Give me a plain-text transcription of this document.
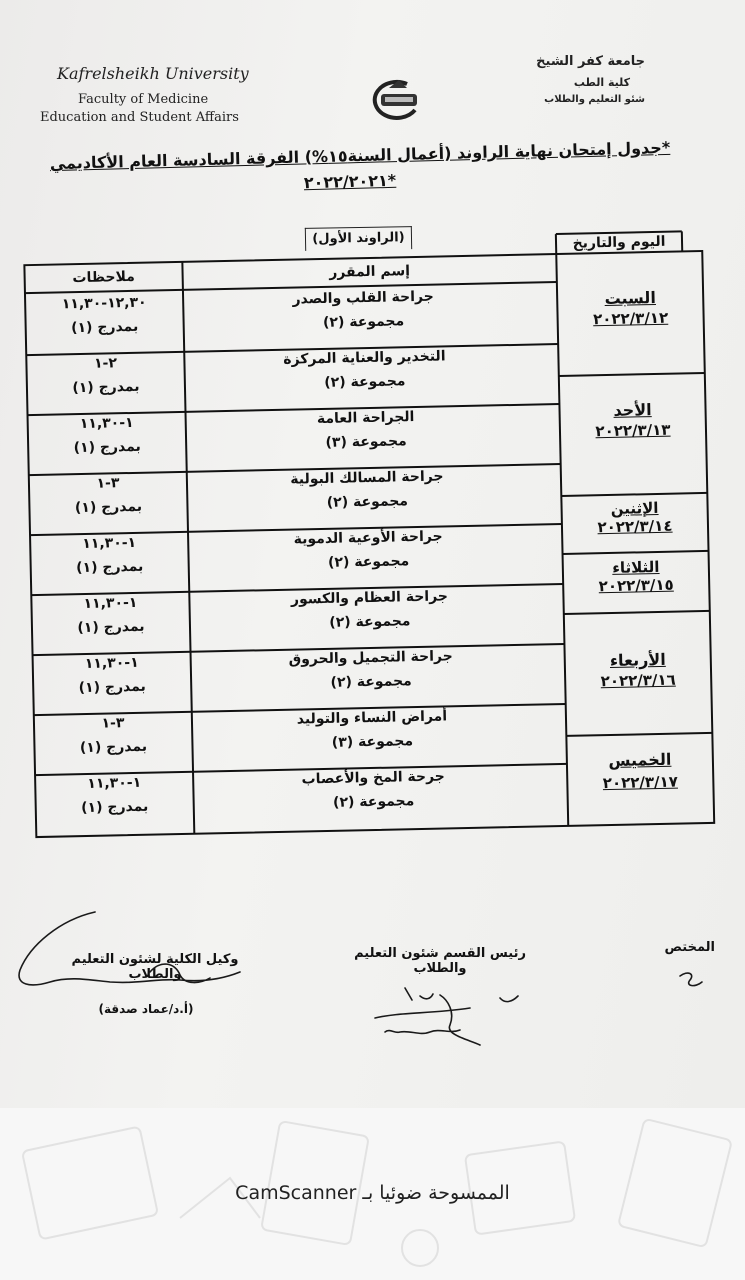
Kafrelsheikh University
Faculty of Medicine
Education and Student Affairs
جامعة كفر الشيخ
كلية الطب
شئو التعليم والطلاب
*جدول إمتحان نهاية الراوند (أعمال السنة١٥%) الفرقة السادسة العام الأكاديمي
*٢٠٢٢/٢٠٢١
(الراوند الأول)	اليوم والتاريخ
إسم المقرر
ملاحظات
السبت
٢٠٢٢/٣/١٢
الأحد
٢٠٢٢/٣/١٣
الإثنين
٢٠٢٢/٣/١٤
الثلاثاء
٢٠٢٢/٣/١٥
الأربعاء
٢٠٢٢/٣/١٦
الخميس
٢٠٢٢/٣/١٧
جراحة القلب والصدر
مجموعة (٢)
١٢,٣٠-١١,٣٠
بمدرج (١)
التخدير والعناية المركزة
مجموعة (٢)
٢-١
بمدرج (١)
الجراحة العامة
مجموعة (٣)
١-١١,٣٠
بمدرج (١)
جراحة المسالك البولية
مجموعة (٢)
٣-١
بمدرج (١)
جراحة الأوعية الدموية
مجموعة (٢)
١-١١,٣٠
بمدرج (١)
جراحة العظام والكسور
مجموعة (٢)
١-١١,٣٠
بمدرج (١)
جراحة التجميل والحروق
مجموعة (٢)
١-١١,٣٠
بمدرج (١)
أمراض النساء والتوليد
مجموعة (٣)
٣-١
بمدرج (١)
جرحة المخ والأعصاب
مجموعة (٢)
١-١١,٣٠
بمدرج (١)
المختص
رئيس القسم شئون التعليم والطلاب
وكيل الكلية لشئون التعليم والطلاب
(أ.د/عماد صدقة)
CamScanner الممسوحة ضوئيا بـ
